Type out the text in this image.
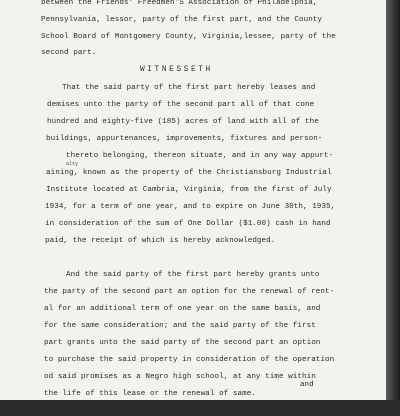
between the Friends' Freedmen'S Association of Philadelphia,

Pennsylvania, lessor, party of the first part, and the County

School Board of Montgomery County, Virginia,lessee, party of the

second part.

WITNESSETH

That the said party of the first part hereby leases and

demises unto the party of the second part all of that cone

hundred and eighty-five (185) acres of land with all of the

buildings, appurtenances, improvements, fixtures and person-

alty

thereto belonging, thereon situate, and in any way appurt-

aining, known as the property of the Christiansburg Industrial

Institute located at Cambria, Virginia, from the first of July

1934, for a term of one year, and to expire on June 30th, 1935,

in consideration of the sum of One Dollar ($1.00) cash in hand

paid, the receipt of which is hereby acknowledged.

And the said party of the first part hereby grants unto

the party of the second part an option for the renewal of rent-

al for an additional term of one year on the same basis, and

for the same consideration; and the said party of the first

part grants unto the said party of the second part an option

to purchase the said property in consideration of the operation

od said promises as a Negro high school, at any time within

the life of this lease or the renewal of same.

The subject of this lease is all the personalty

and
